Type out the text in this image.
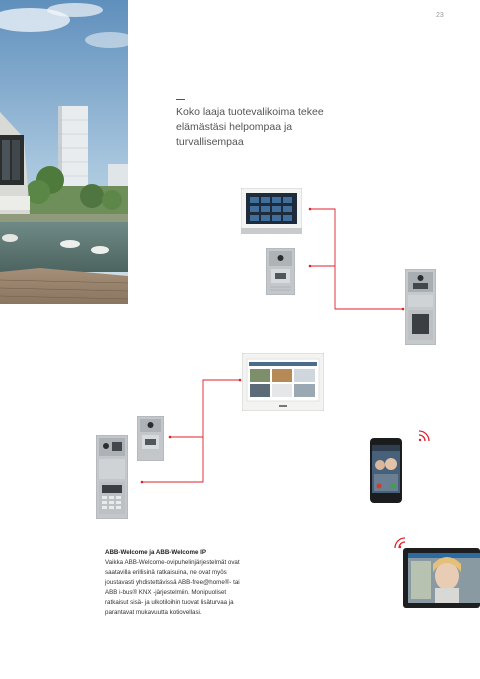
23
Koko laaja tuotevalikoima tekee
elämästäsi helpompaa ja
turvallisempaa
ABB-Welcome ja ABB-Welcome IP
Vaikka ABB-Welcome-ovipuhelinjärjestelmät ovat
saatavilla erillisinä ratkaisuina, ne ovat myös
joustavasti yhdistettävissä ABB-free@home®- tai
ABB i-bus® KNX -järjestelmiin. Monipuoliset
ratkaisut sisä- ja ulkotiloihin tuovat lisäturvaa ja
parantavat mukavuutta kotiovellasi.
